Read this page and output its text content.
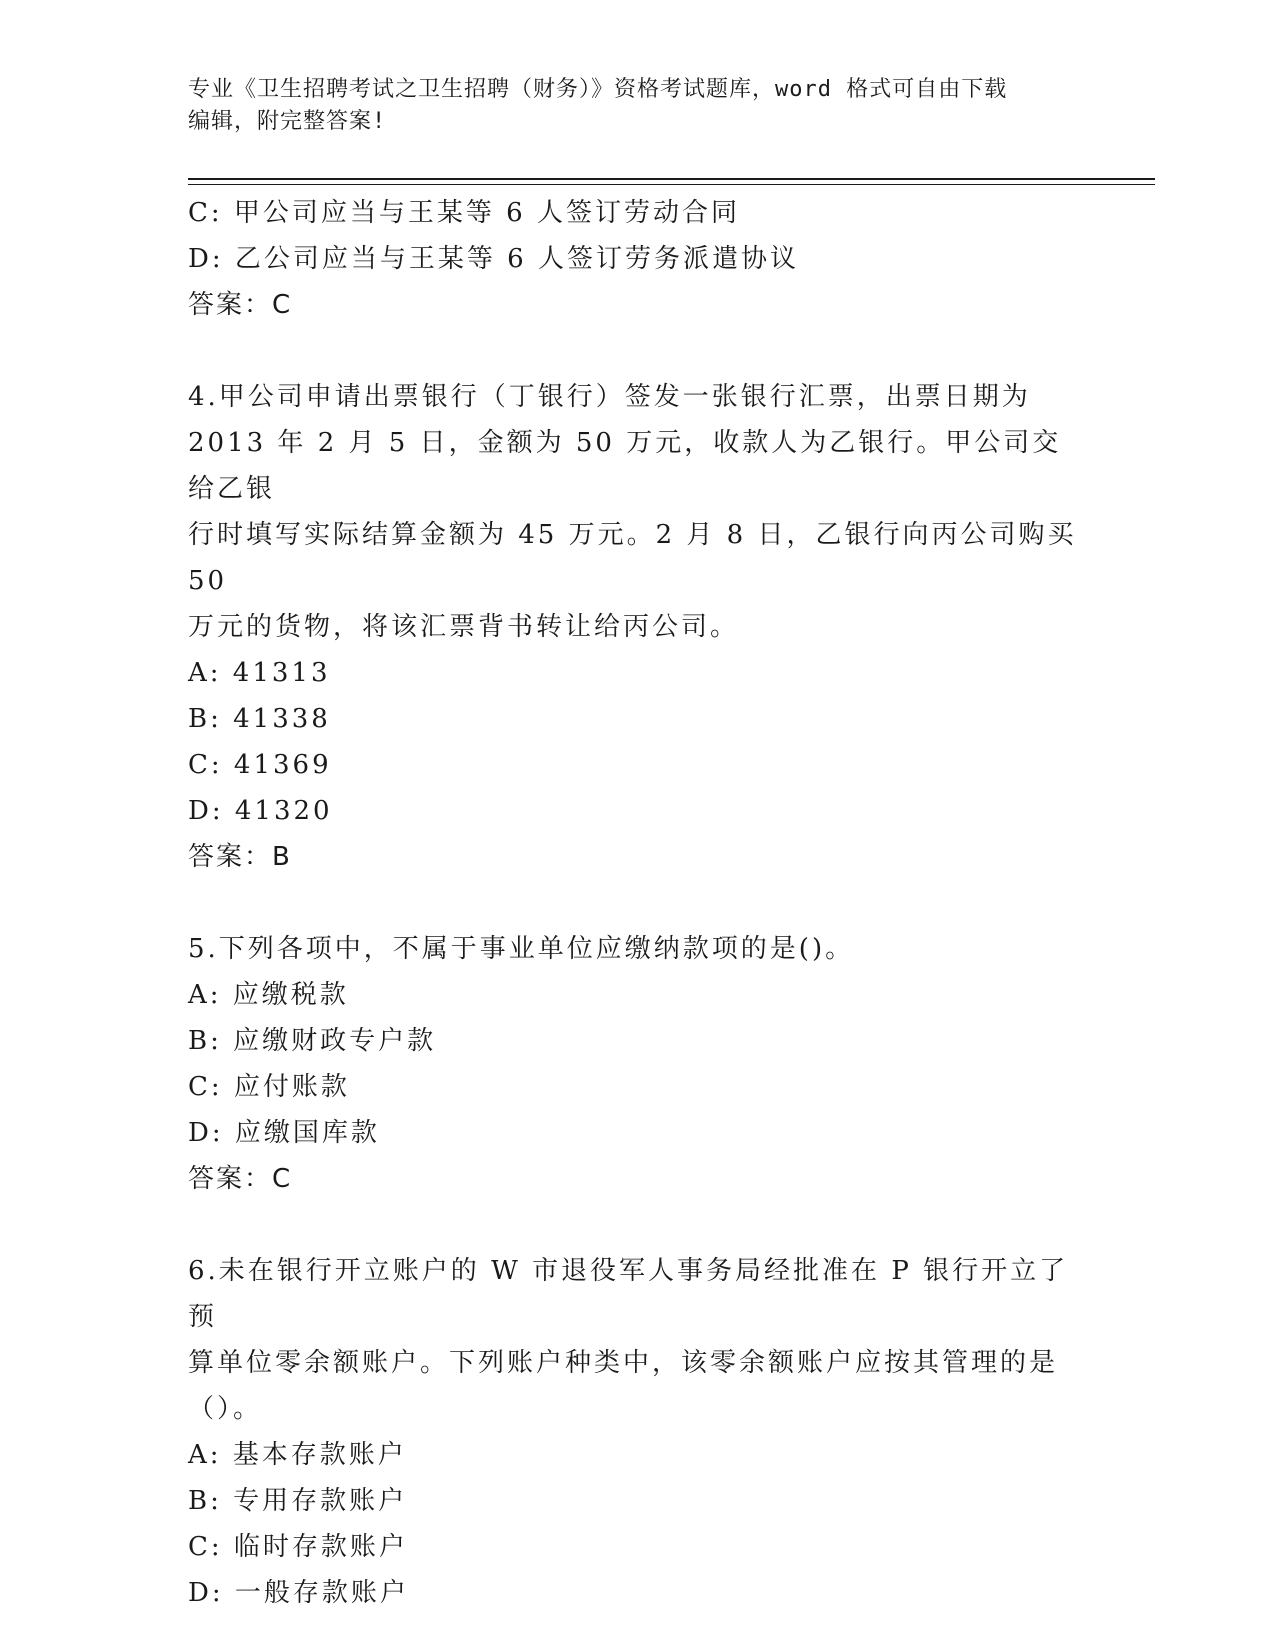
专业《卫生招聘考试之卫生招聘（财务）》资格考试题库，word 格式可自由下载
编辑，附完整答案!
C: 甲公司应当与王某等 6 人签订劳动合同
D: 乙公司应当与王某等 6 人签订劳务派遣协议
答案：C
4.甲公司申请出票银行（丁银行）签发一张银行汇票，出票日期为
2013 年 2 月 5 日，金额为 50 万元，收款人为乙银行。甲公司交给乙银
行时填写实际结算金额为 45 万元。2 月 8 日，乙银行向丙公司购买 50
万元的货物，将该汇票背书转让给丙公司。
A: 41313
B: 41338
C: 41369
D: 41320
答案：B
5.下列各项中，不属于事业单位应缴纳款项的是()。
A: 应缴税款
B: 应缴财政专户款
C: 应付账款
D: 应缴国库款
答案：C
6.未在银行开立账户的 W 市退役军人事务局经批准在 P 银行开立了预
算单位零余额账户。下列账户种类中，该零余额账户应按其管理的是
（）。
A: 基本存款账户
B: 专用存款账户
C: 临时存款账户
D: 一般存款账户
